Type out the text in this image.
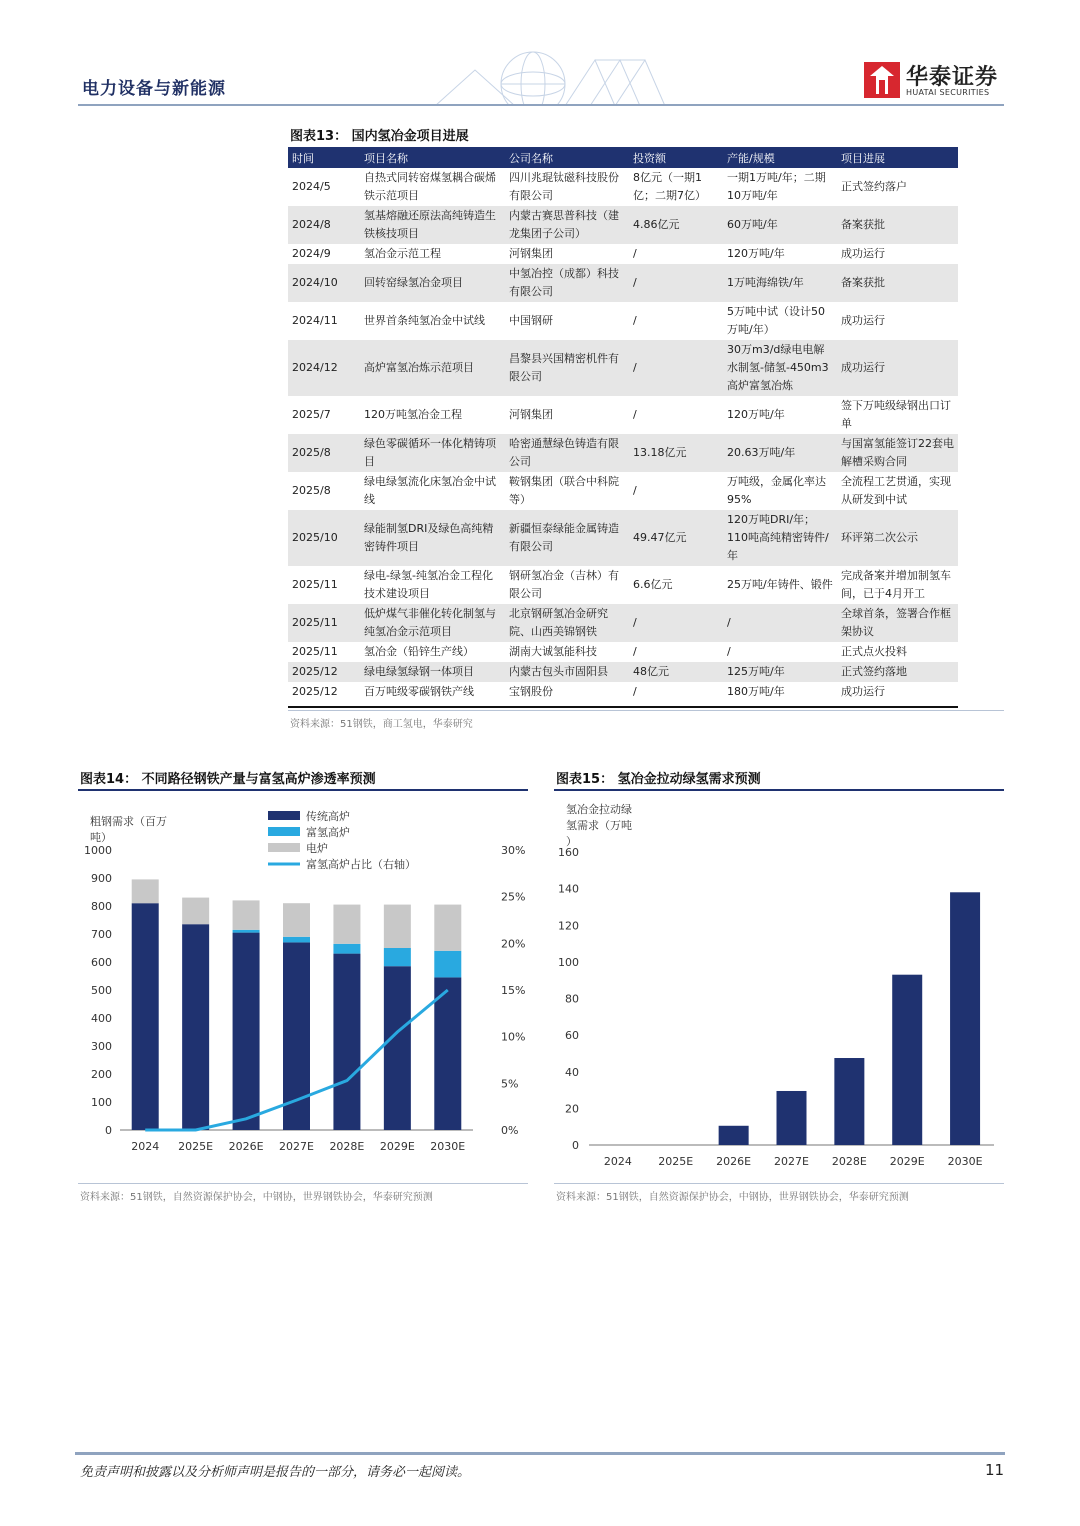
电力设备与新能源	华泰证券
HUATAI SECURITIES
图表13： 国内氢冶金项目进展
时间	项目名称	公司名称	投资额	产能/规模	项目进展
2024/5	自热式同转窑煤氢耦合碳烯铁示范项目	四川兆琨钛磁科技股份有限公司	8亿元（一期1亿；二期7亿）	一期1万吨/年；二期10万吨/年	正式签约落户
2024/8	氢基熔融还原法高纯铸造生铁核技项目	内蒙古赛思普科技（建龙集团子公司）	4.86亿元	60万吨/年	备案获批
2024/9	氢冶金示范工程	河钢集团	/	120万吨/年	成功运行
2024/10	回转窑绿氢冶金项目	中氢冶控（成都）科技有限公司	/	1万吨海绵铁/年	备案获批
2024/11	世界首条纯氢冶金中试线	中国钢研	/	5万吨中试（设计50万吨/年）	成功运行
2024/12	高炉富氢冶炼示范项目	昌黎县兴国精密机件有限公司	/	30万m3/d绿电电解水制氢-储氢-450m3高炉富氢冶炼	成功运行
2025/7	120万吨氢冶金工程	河钢集团	/	120万吨/年	签下万吨级绿钢出口订单
2025/8	绿色零碳循环一体化精铸项目	哈密通慧绿色铸造有限公司	13.18亿元	20.63万吨/年	与国富氢能签订22套电解槽采购合同
2025/8	绿电绿氢流化床氢冶金中试线	鞍钢集团（联合中科院等）	/	万吨级，金属化率达95%	全流程工艺贯通，实现从研发到中试
2025/10	绿能制氢DRI及绿色高纯精密铸件项目	新疆恒泰绿能金属铸造有限公司	49.47亿元	120万吨DRI/年；110吨高纯精密铸件/年	环评第二次公示
2025/11	绿电-绿氢-纯氢冶金工程化技术建设项目	钢研氢冶金（吉林）有限公司	6.6亿元	25万吨/年铸件、锻件	完成备案并增加制氢车间，已于4月开工
2025/11	低炉煤气非催化转化制氢与纯氢冶金示范项目	北京钢研氢冶金研究院、山西美锦钢铁	/	/	全球首条，签署合作框架协议
2025/11	氢冶金（铅锌生产线）	湖南大诚氢能科技	/	/	正式点火投料
2025/12	绿电绿氢绿钢一体项目	内蒙古包头市固阳县	48亿元	125万吨/年	正式签约落地
2025/12	百万吨级零碳钢铁产线	宝钢股份	/	180万吨/年	成功运行
资料来源：51钢铁，商工氢电，华泰研究
图表14： 不同路径钢铁产量与富氢高炉渗透率预测
粗钢需求（百万
吨）
0
100
200
300
400
500
600
700
800
900
1000
0%
5%
10%
15%
20%
25%
30%
2024 2025E 2026E 2027E 2028E 2029E 2030E
传统高炉
富氢高炉
电炉
富氢高炉占比（右轴）
资料来源：51钢铁，自然资源保护协会，中钢协，世界钢铁协会，华泰研究预测
图表15： 氢冶金拉动绿氢需求预测
氢冶金拉动绿
氢需求（万吨
）
0
20
40
60
80
100
120
140
160
2024 2025E 2026E 2027E 2028E 2029E 2030E
资料来源：51钢铁，自然资源保护协会，中钢协，世界钢铁协会，华泰研究预测
免责声明和披露以及分析师声明是报告的一部分，请务必一起阅读。	11
